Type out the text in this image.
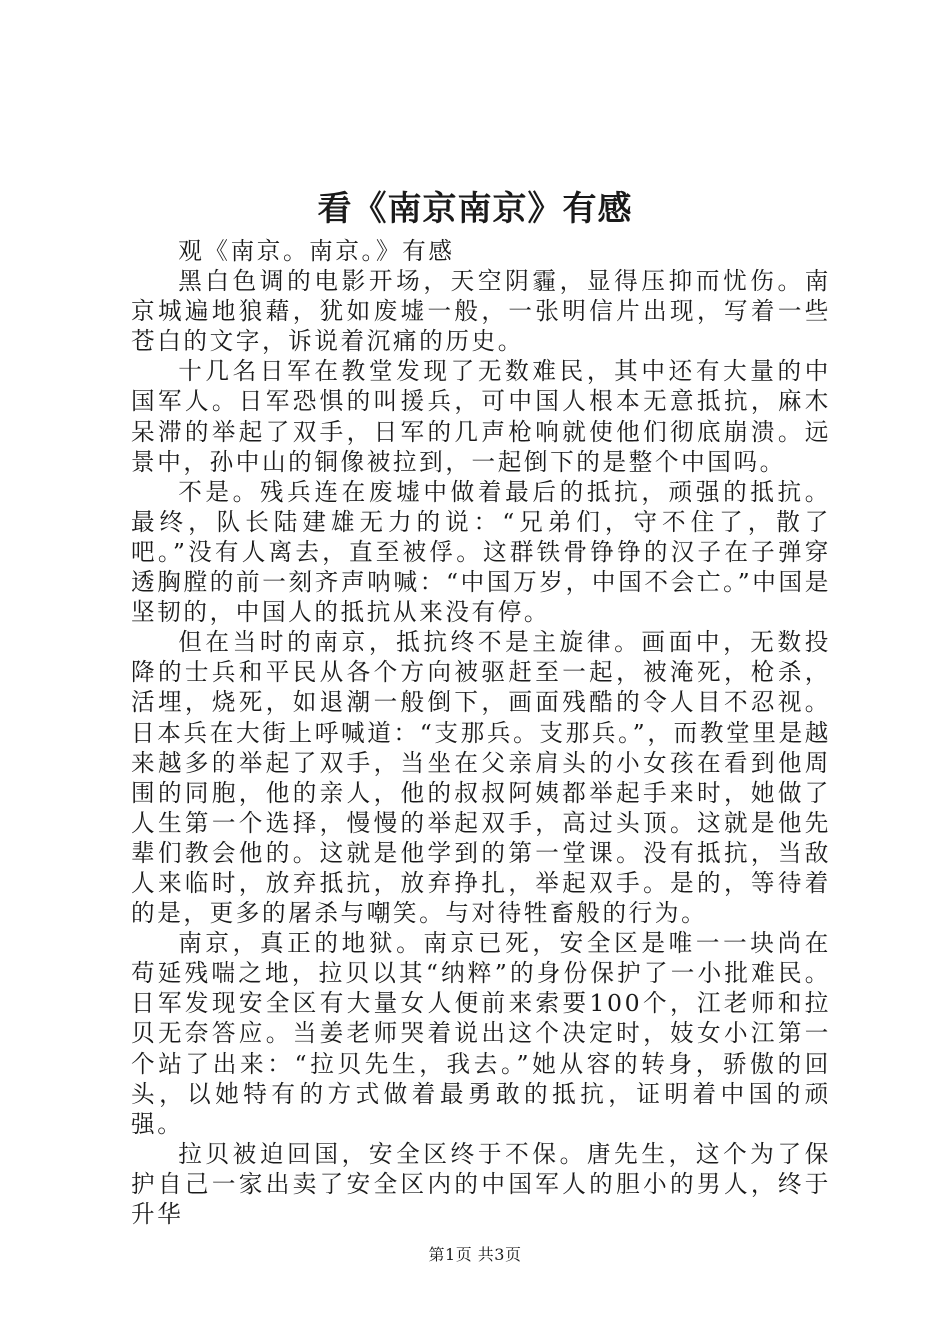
看《南京南京》有感

观《南京。南京。》有感

黑白色调的电影开场，天空阴霾，显得压抑而忧伤。南京城遍地狼藉，犹如废墟一般，一张明信片出现，写着一些苍白的文字，诉说着沉痛的历史。

十几名日军在教堂发现了无数难民，其中还有大量的中国军人。日军恐惧的叫援兵，可中国人根本无意抵抗，麻木呆滞的举起了双手，日军的几声枪响就使他们彻底崩溃。远景中，孙中山的铜像被拉到，一起倒下的是整个中国吗。

不是。残兵连在废墟中做着最后的抵抗，顽强的抵抗。最终，队长陆建雄无力的说：“兄弟们，守不住了，散了吧。”没有人离去，直至被俘。这群铁骨铮铮的汉子在子弹穿透胸膛的前一刻齐声呐喊：“中国万岁，中国不会亡。”中国是坚韧的，中国人的抵抗从来没有停。

但在当时的南京，抵抗终不是主旋律。画面中，无数投降的士兵和平民从各个方向被驱赶至一起，被淹死，枪杀，活埋，烧死，如退潮一般倒下，画面残酷的令人目不忍视。日本兵在大街上呼喊道：“支那兵。支那兵。”，而教堂里是越来越多的举起了双手，当坐在父亲肩头的小女孩在看到他周围的同胞，他的亲人，他的叔叔阿姨都举起手来时，她做了人生第一个选择，慢慢的举起双手，高过头顶。这就是他先辈们教会他的。这就是他学到的第一堂课。没有抵抗，当敌人来临时，放弃抵抗，放弃挣扎，举起双手。是的，等待着的是，更多的屠杀与嘲笑。与对待牲畜般的行为。

南京，真正的地狱。南京已死，安全区是唯一一块尚在苟延残喘之地，拉贝以其“纳粹”的身份保护了一小批难民。日军发现安全区有大量女人便前来索要100个，江老师和拉贝无奈答应。当姜老师哭着说出这个决定时，妓女小江第一个站了出来：“拉贝先生，我去。”她从容的转身，骄傲的回头，以她特有的方式做着最勇敢的抵抗，证明着中国的顽强。

拉贝被迫回国，安全区终于不保。唐先生，这个为了保护自己一家出卖了安全区内的中国军人的胆小的男人，终于升华

第1页 共3页
